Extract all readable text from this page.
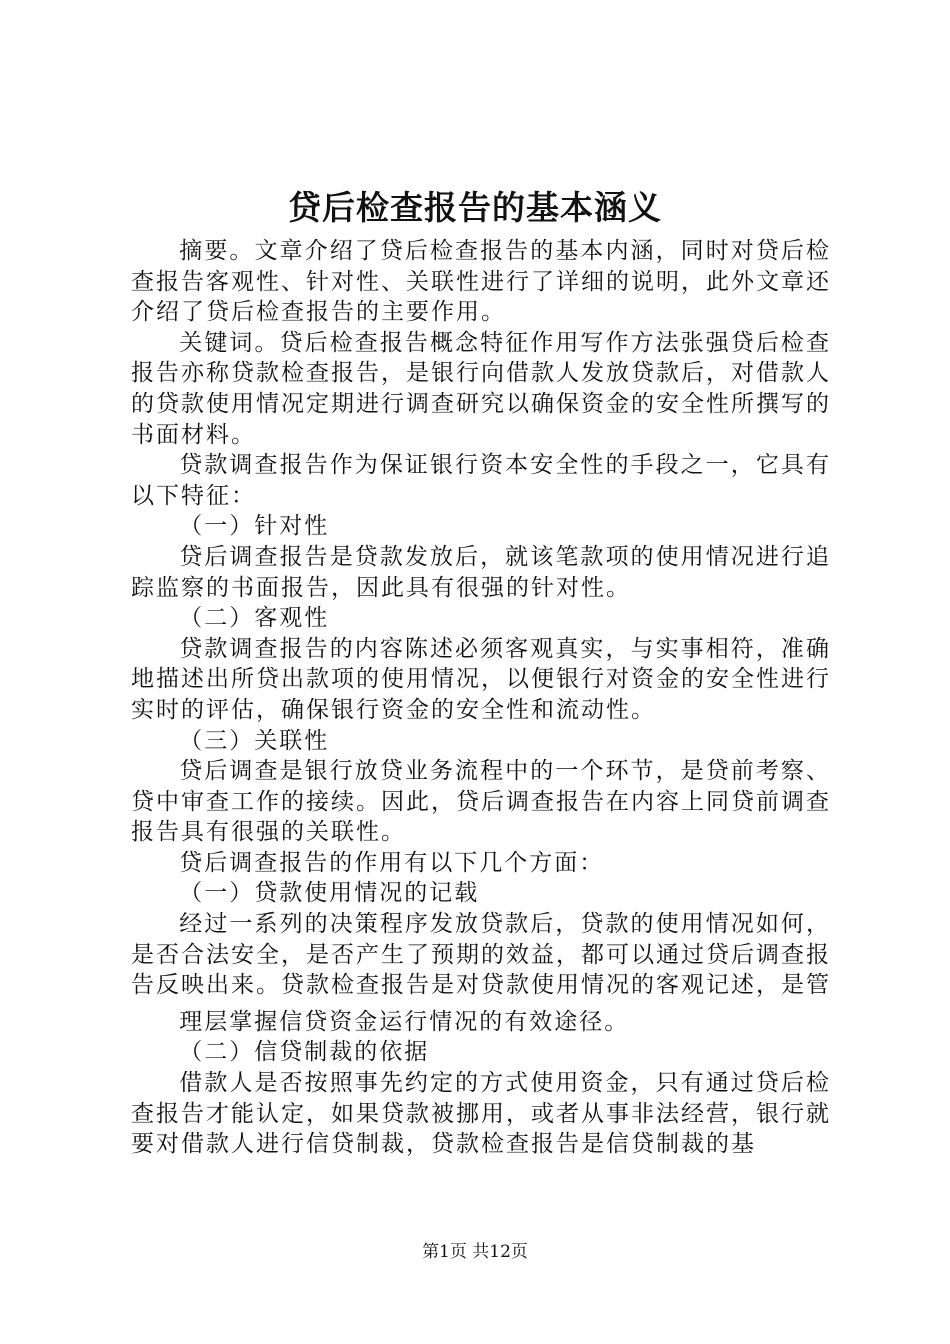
贷后检查报告的基本涵义

摘要。文章介绍了贷后检查报告的基本内涵，同时对贷后检查报告客观性、针对性、关联性进行了详细的说明，此外文章还介绍了贷后检查报告的主要作用。

关键词。贷后检查报告概念特征作用写作方法张强贷后检查报告亦称贷款检查报告，是银行向借款人发放贷款后，对借款人的贷款使用情况定期进行调查研究以确保资金的安全性所撰写的书面材料。

贷款调查报告作为保证银行资本安全性的手段之一，它具有以下特征：

（一）针对性

贷后调查报告是贷款发放后，就该笔款项的使用情况进行追踪监察的书面报告，因此具有很强的针对性。

（二）客观性

贷款调查报告的内容陈述必须客观真实，与实事相符，准确地描述出所贷出款项的使用情况，以便银行对资金的安全性进行实时的评估，确保银行资金的安全性和流动性。

（三）关联性

贷后调查是银行放贷业务流程中的一个环节，是贷前考察、贷中审查工作的接续。因此，贷后调查报告在内容上同贷前调查报告具有很强的关联性。

贷后调查报告的作用有以下几个方面：

（一）贷款使用情况的记载

经过一系列的决策程序发放贷款后，贷款的使用情况如何，是否合法安全，是否产生了预期的效益，都可以通过贷后调查报告反映出来。贷款检查报告是对贷款使用情况的客观记述，是管

理层掌握信贷资金运行情况的有效途径。

（二）信贷制裁的依据

借款人是否按照事先约定的方式使用资金，只有通过贷后检查报告才能认定，如果贷款被挪用，或者从事非法经营，银行就要对借款人进行信贷制裁，贷款检查报告是信贷制裁的基

第1页 共12页
